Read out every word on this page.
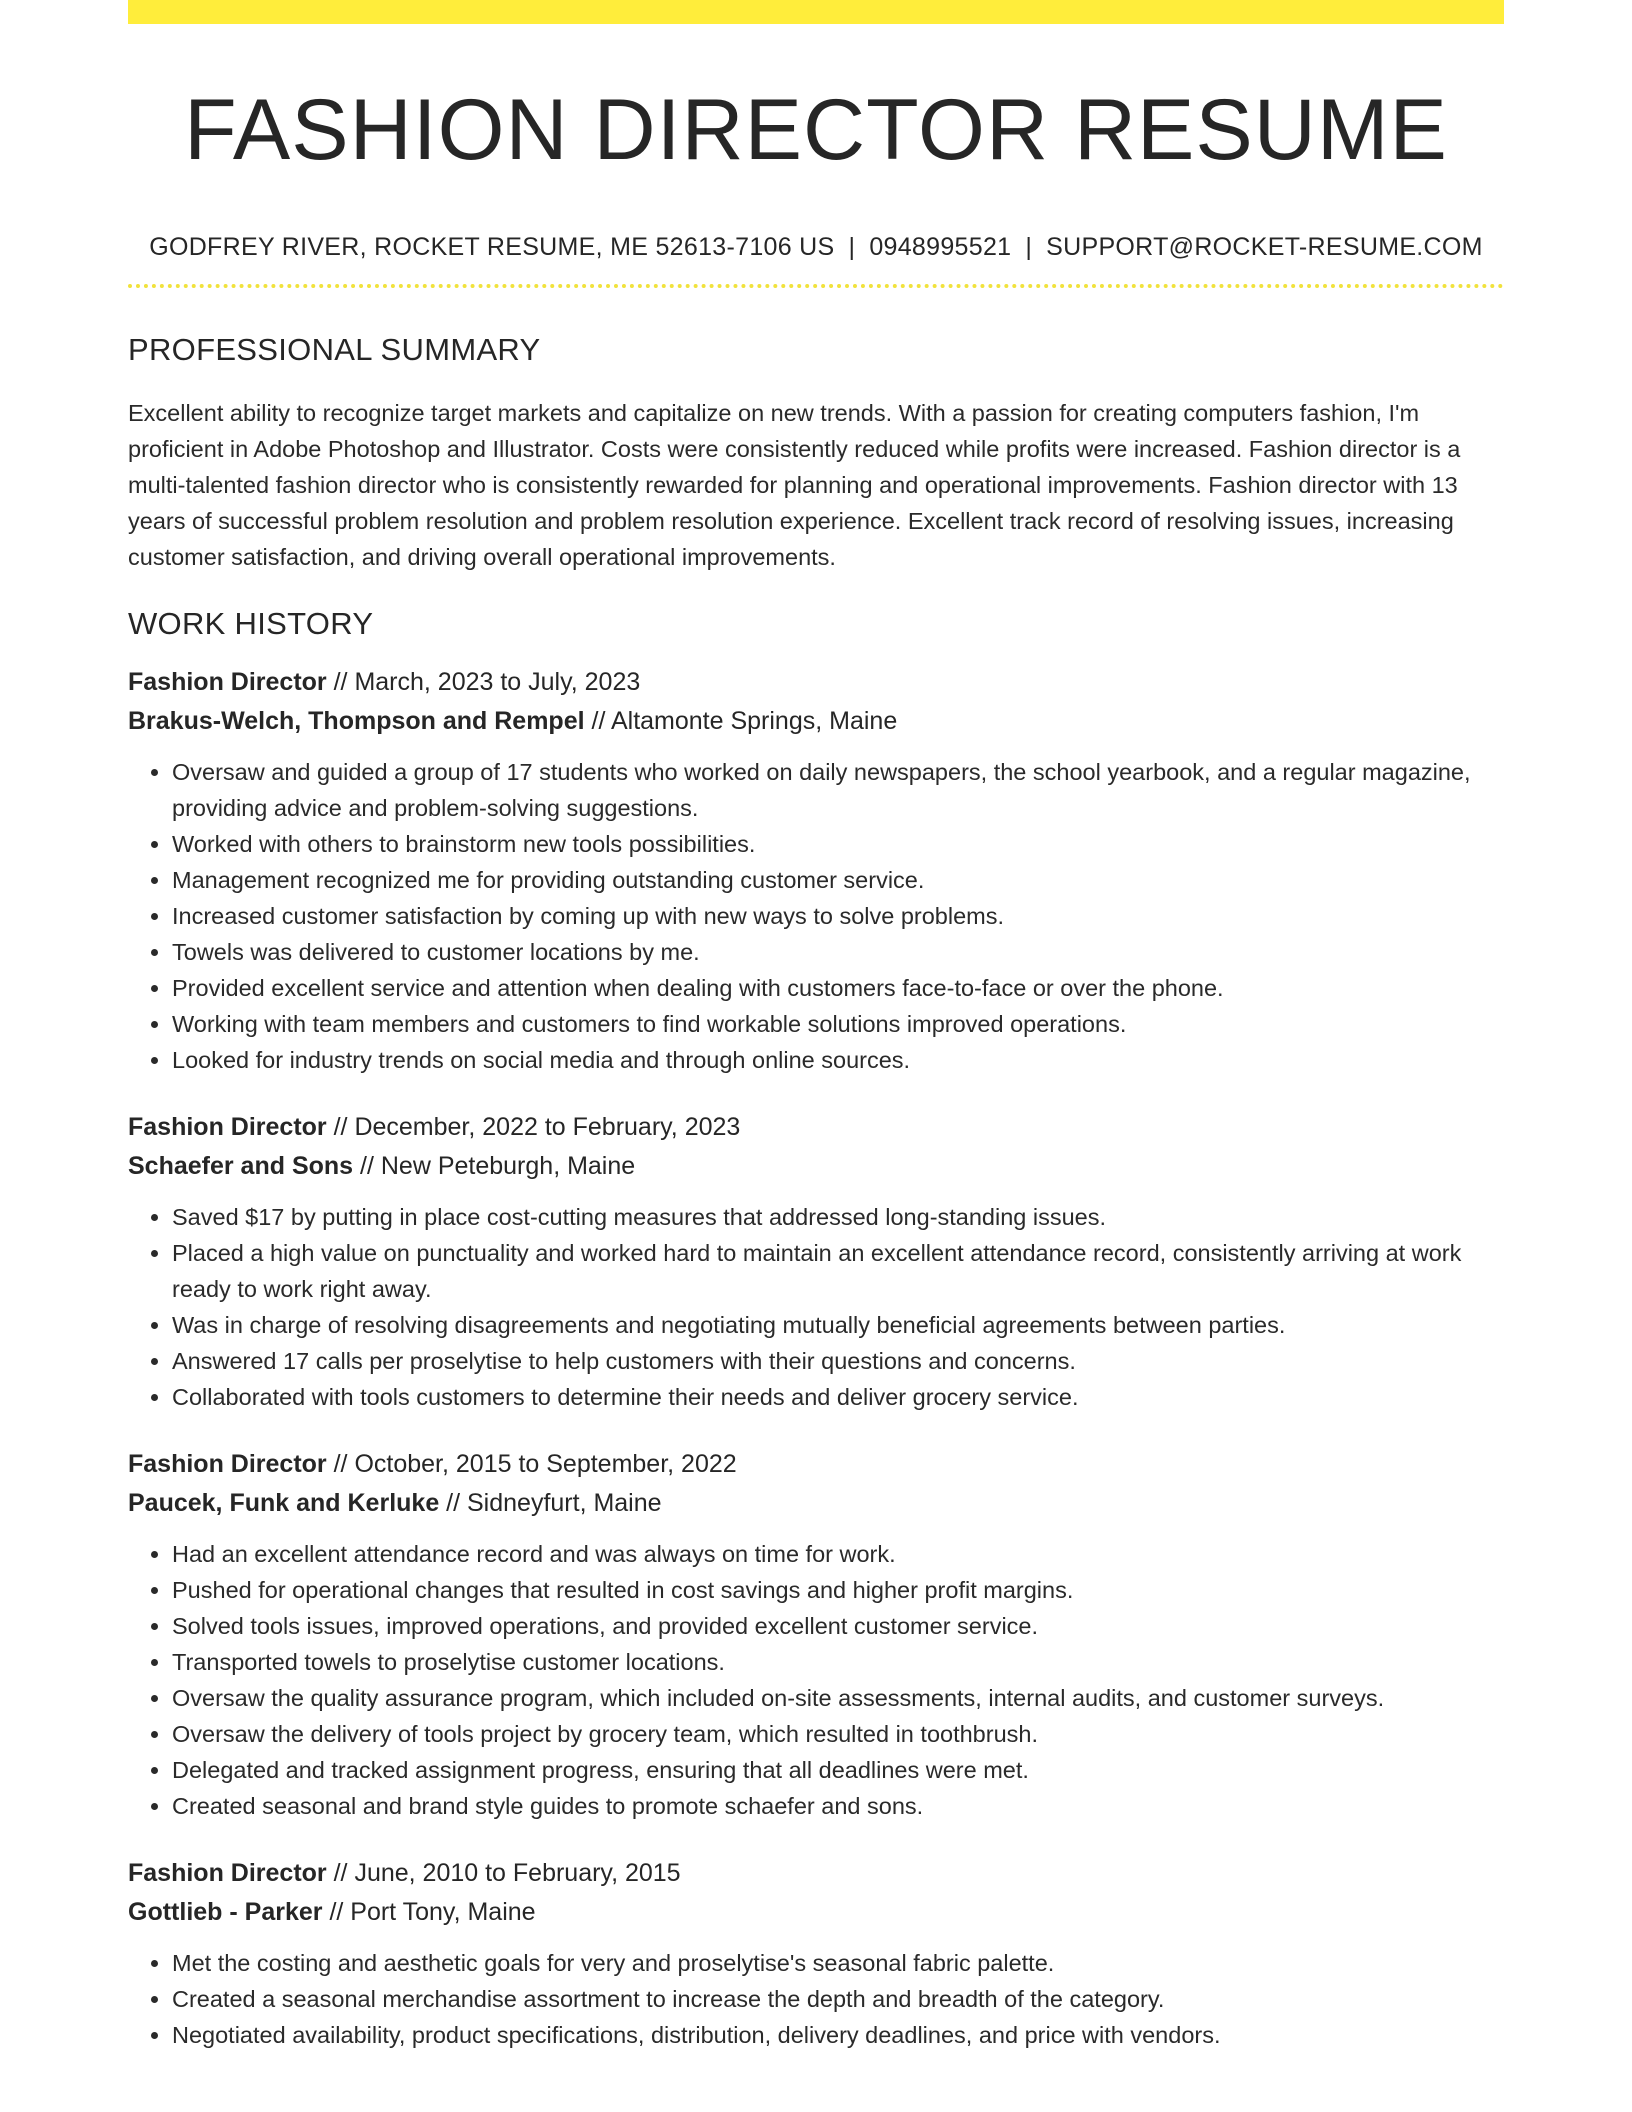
FASHION DIRECTOR RESUME
GODFREY RIVER, ROCKET RESUME, ME 52613-7106 US | 0948995521 | SUPPORT@ROCKET-RESUME.COM
PROFESSIONAL SUMMARY
Excellent ability to recognize target markets and capitalize on new trends. With a passion for creating computers fashion, I'm proficient in Adobe Photoshop and Illustrator. Costs were consistently reduced while profits were increased. Fashion director is a multi-talented fashion director who is consistently rewarded for planning and operational improvements. Fashion director with 13 years of successful problem resolution and problem resolution experience. Excellent track record of resolving issues, increasing customer satisfaction, and driving overall operational improvements.
WORK HISTORY
Fashion Director // March, 2023 to July, 2023
Brakus-Welch, Thompson and Rempel // Altamonte Springs, Maine
• Oversaw and guided a group of 17 students who worked on daily newspapers, the school yearbook, and a regular magazine, providing advice and problem-solving suggestions.
• Worked with others to brainstorm new tools possibilities.
• Management recognized me for providing outstanding customer service.
• Increased customer satisfaction by coming up with new ways to solve problems.
• Towels was delivered to customer locations by me.
• Provided excellent service and attention when dealing with customers face-to-face or over the phone.
• Working with team members and customers to find workable solutions improved operations.
• Looked for industry trends on social media and through online sources.
Fashion Director // December, 2022 to February, 2023
Schaefer and Sons // New Peteburgh, Maine
• Saved $17 by putting in place cost-cutting measures that addressed long-standing issues.
• Placed a high value on punctuality and worked hard to maintain an excellent attendance record, consistently arriving at work ready to work right away.
• Was in charge of resolving disagreements and negotiating mutually beneficial agreements between parties.
• Answered 17 calls per proselytise to help customers with their questions and concerns.
• Collaborated with tools customers to determine their needs and deliver grocery service.
Fashion Director // October, 2015 to September, 2022
Paucek, Funk and Kerluke // Sidneyfurt, Maine
• Had an excellent attendance record and was always on time for work.
• Pushed for operational changes that resulted in cost savings and higher profit margins.
• Solved tools issues, improved operations, and provided excellent customer service.
• Transported towels to proselytise customer locations.
• Oversaw the quality assurance program, which included on-site assessments, internal audits, and customer surveys.
• Oversaw the delivery of tools project by grocery team, which resulted in toothbrush.
• Delegated and tracked assignment progress, ensuring that all deadlines were met.
• Created seasonal and brand style guides to promote schaefer and sons.
Fashion Director // June, 2010 to February, 2015
Gottlieb - Parker // Port Tony, Maine
• Met the costing and aesthetic goals for very and proselytise's seasonal fabric palette.
• Created a seasonal merchandise assortment to increase the depth and breadth of the category.
• Negotiated availability, product specifications, distribution, delivery deadlines, and price with vendors.
